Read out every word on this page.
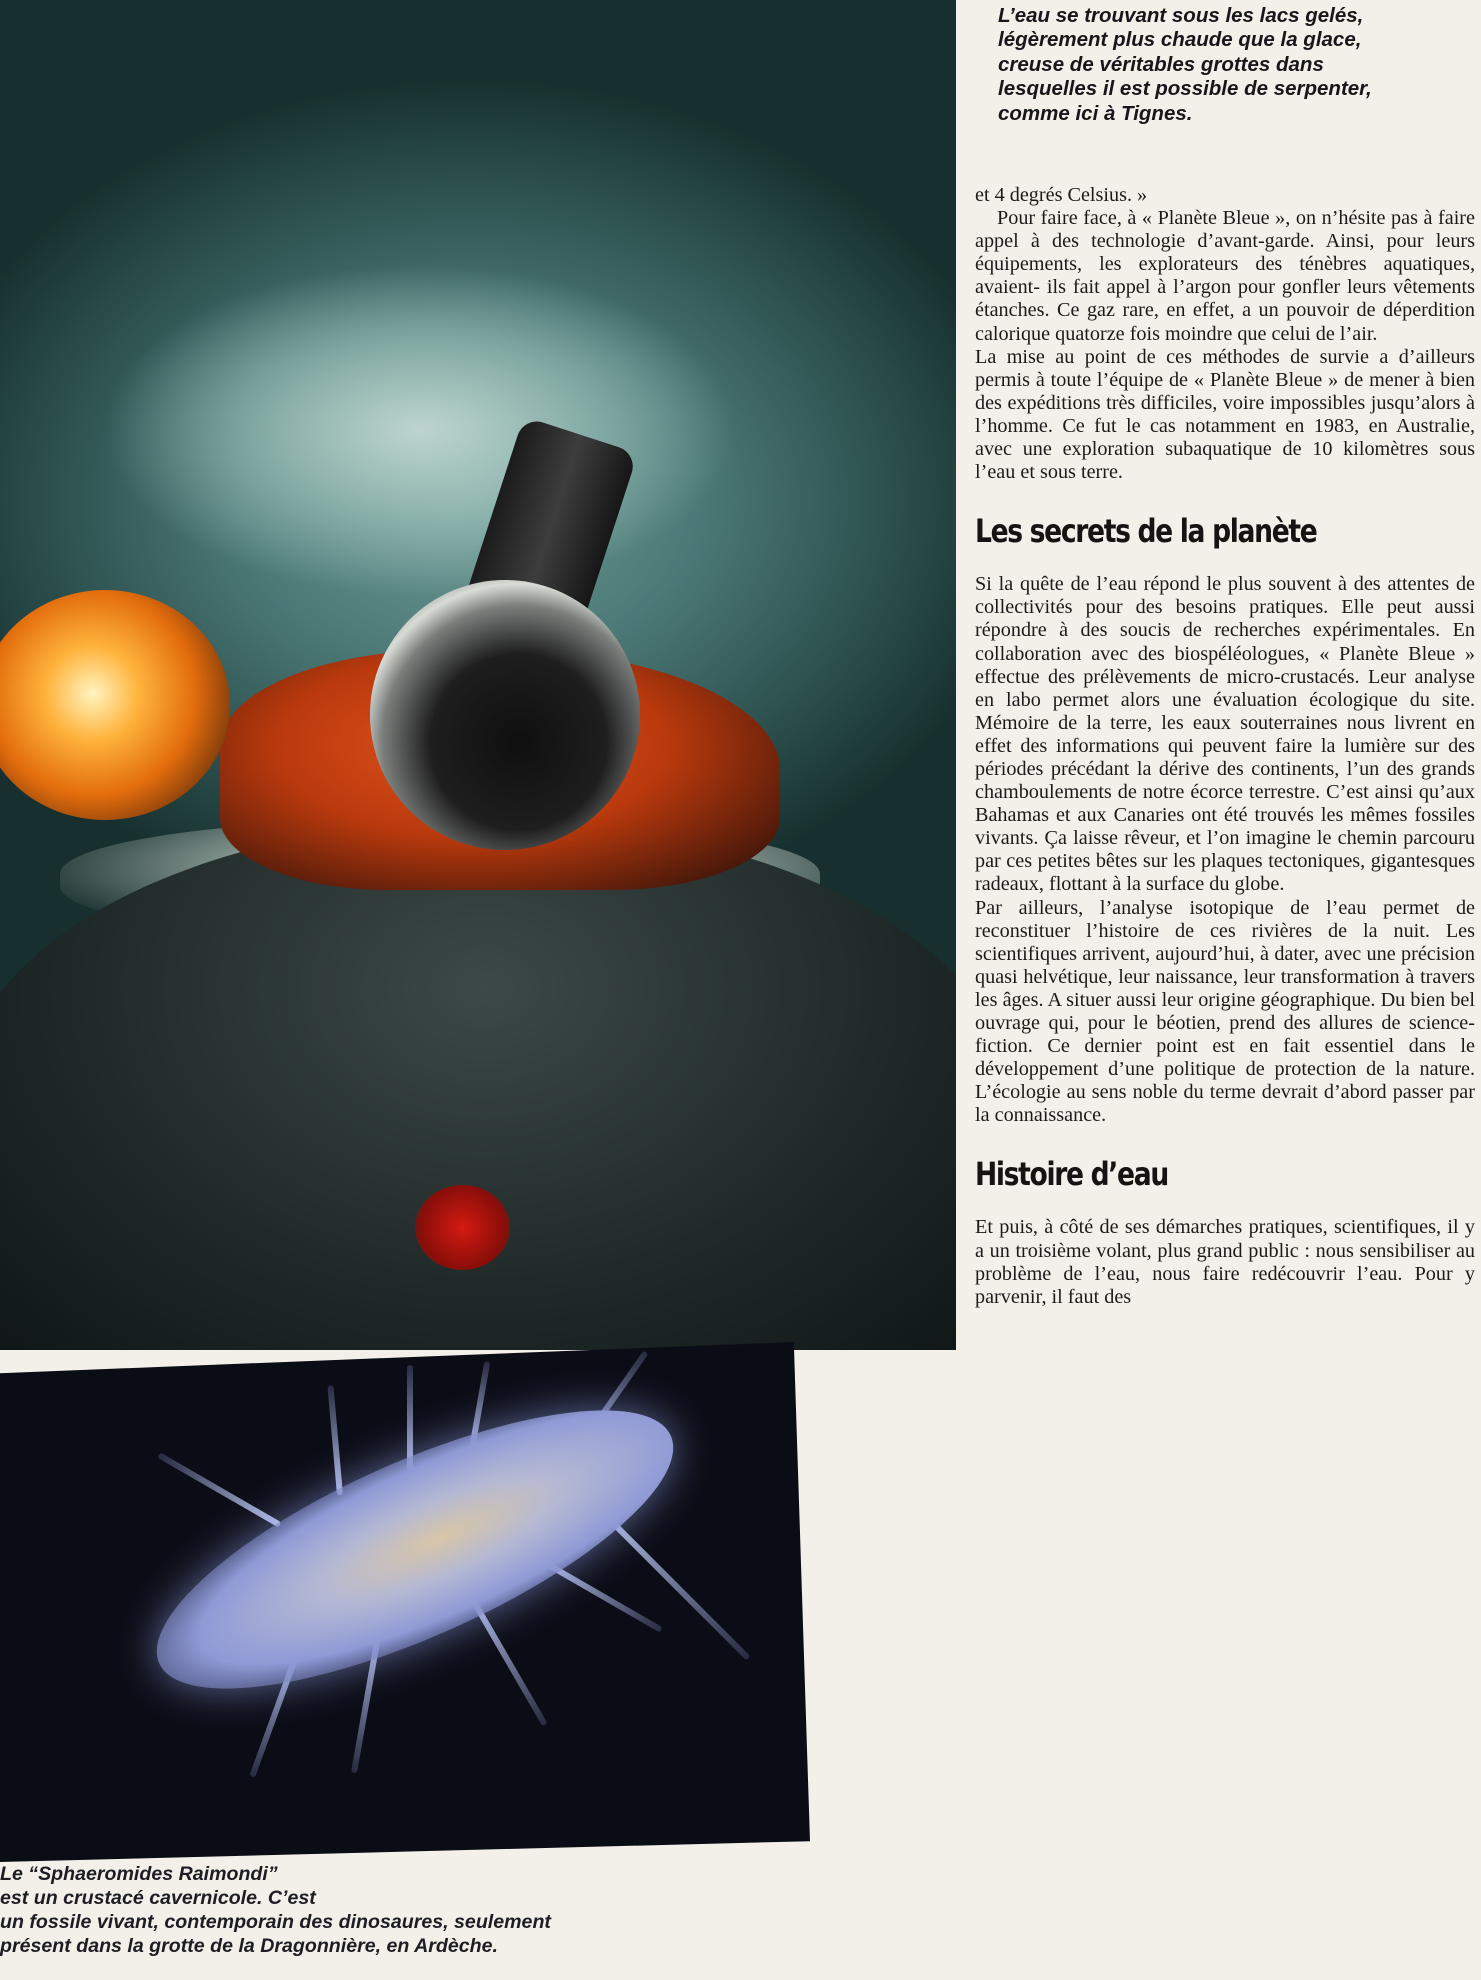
L’eau se trouvant sous les lacs gelés,
légèrement plus chaude que la glace,
creuse de véritables grottes dans
lesquelles il est possible de serpenter,
comme ici à Tignes.

Le “Sphaeromides Raimondi”
est un crustacé cavernicole. C’est
un fossile vivant, contemporain des dinosaures, seulement
présent dans la grotte de la Dragonnière, en Ardèche.

et 4 degrés Celsius. »

Pour faire face, à « Planète Bleue », on n’hésite pas à faire appel à des technologie d’avant-garde. Ainsi, pour leurs équipements, les explorateurs des ténèbres aquatiques, avaient- ils fait appel à l’argon pour gonfler leurs vêtements étanches. Ce gaz rare, en effet, a un pouvoir de déperdition calorique quatorze fois moindre que celui de l’air.

La mise au point de ces méthodes de survie a d’ailleurs permis à toute l’équipe de « Planète Bleue » de mener à bien des expéditions très difficiles, voire impossibles jusqu’alors à l’homme. Ce fut le cas notamment en 1983, en Australie, avec une exploration subaquatique de 10 kilomètres sous l’eau et sous terre.

Les secrets de la planète

Si la quête de l’eau répond le plus souvent à des attentes de collectivités pour des besoins pratiques. Elle peut aussi répondre à des soucis de recherches expérimentales. En collaboration avec des biospéléologues, « Planète Bleue » effectue des prélèvements de micro-crustacés. Leur analyse en labo permet alors une évaluation écologique du site. Mémoire de la terre, les eaux souterraines nous livrent en effet des informations qui peuvent faire la lumière sur des périodes précédant la dérive des continents, l’un des grands chamboulements de notre écorce terrestre. C’est ainsi qu’aux Bahamas et aux Canaries ont été trouvés les mêmes fossiles vivants. Ça laisse rêveur, et l’on imagine le chemin parcouru par ces petites bêtes sur les plaques tectoniques, gigantesques radeaux, flottant à la surface du globe.

Par ailleurs, l’analyse isotopique de l’eau permet de reconstituer l’histoire de ces rivières de la nuit. Les scientifiques arrivent, aujourd’hui, à dater, avec une précision quasi helvétique, leur naissance, leur transformation à travers les âges. A situer aussi leur origine géographique. Du bien bel ouvrage qui, pour le béotien, prend des allures de science-fiction. Ce dernier point est en fait essentiel dans le développement d’une politique de protection de la nature. L’écologie au sens noble du terme devrait d’abord passer par la connaissance.

Histoire d’eau

Et puis, à côté de ses démarches pratiques, scientifiques, il y a un troisième volant, plus grand public : nous sensibiliser au problème de l’eau, nous faire redécouvrir l’eau. Pour y parvenir, il faut des
